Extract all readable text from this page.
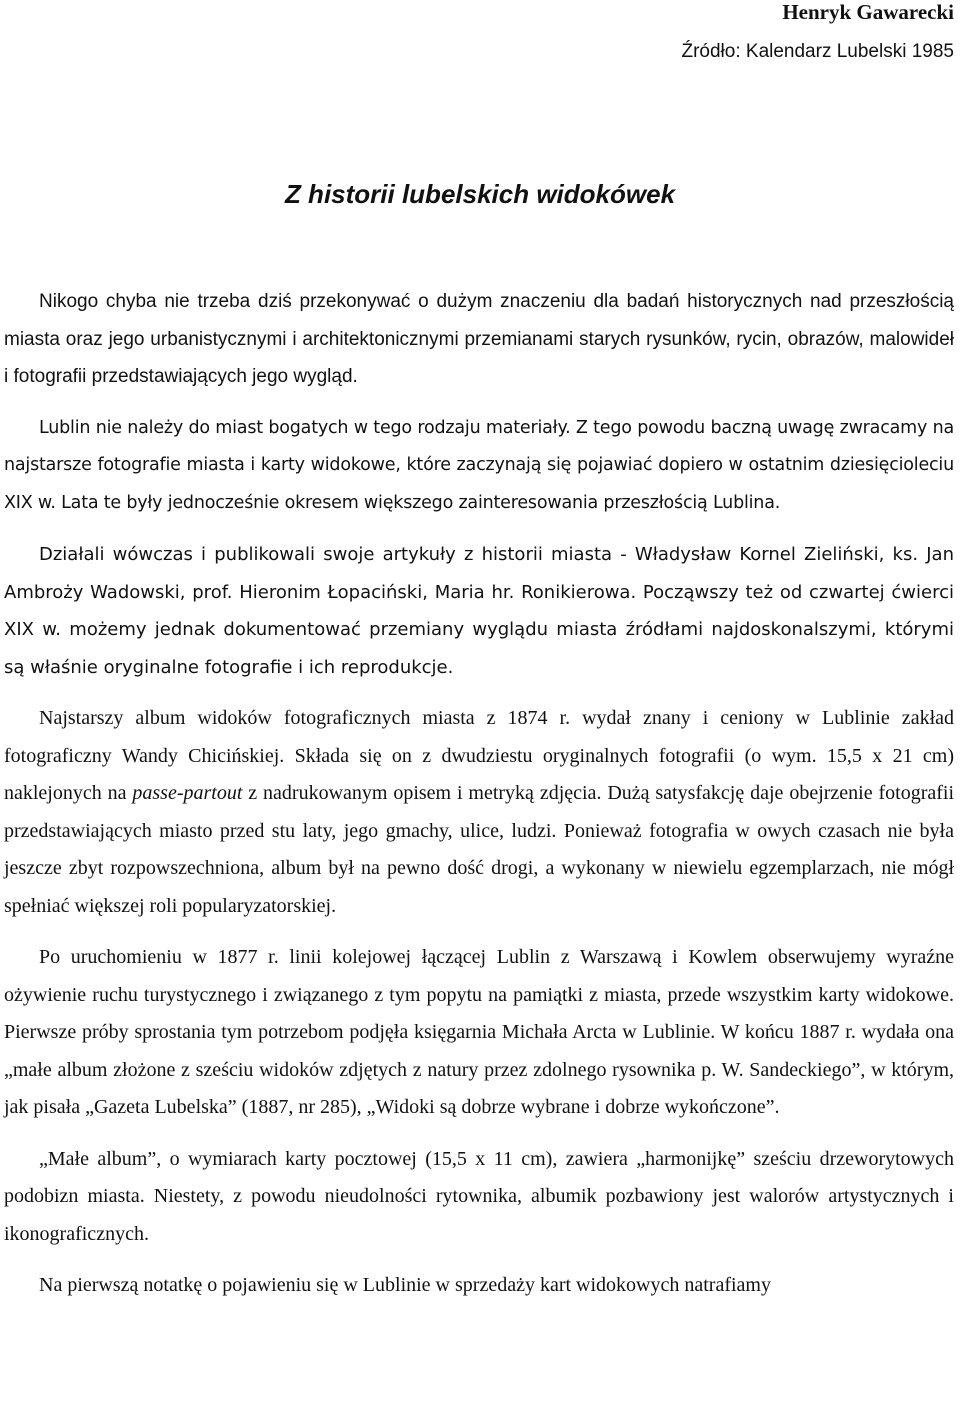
Henryk Gawarecki

Źródło: Kalendarz Lubelski 1985

Z historii lubelskich widokówek

Nikogo chyba nie trzeba dziś przekonywać o dużym znaczeniu dla badań historycznych nad przeszłością miasta oraz jego urbanistycznymi i architektonicznymi przemianami starych rysunków, rycin, obrazów, malowideł i fotografii przedstawiających jego wygląd.

Lublin nie należy do miast bogatych w tego rodzaju materiały. Z tego powodu baczną uwagę zwracamy na najstarsze fotografie miasta i karty widokowe, które zaczynają się pojawiać dopiero w ostatnim dziesięcioleciu XIX w. Lata te były jednocześnie okresem większego zainteresowania przeszłością Lublina.

Działali wówczas i publikowali swoje artykuły z historii miasta - Władysław Kornel Zieliński, ks. Jan Ambroży Wadowski, prof. Hieronim Łopaciński, Maria hr. Ronikierowa. Począwszy też od czwartej ćwierci XIX w. możemy jednak dokumentować przemiany wyglądu miasta źródłami najdoskonalszymi, którymi są właśnie oryginalne fotografie i ich reprodukcje.

Najstarszy album widoków fotograficznych miasta z 1874 r. wydał znany i ceniony w Lublinie zakład fotograficzny Wandy Chicińskiej. Składa się on z dwudziestu oryginalnych fotografii (o wym. 15,5 x 21 cm) naklejonych na passe-partout z nadrukowanym opisem i metryką zdjęcia. Dużą satysfakcję daje obejrzenie fotografii przedstawiających miasto przed stu laty, jego gmachy, ulice, ludzi. Ponieważ fotografia w owych czasach nie była jeszcze zbyt rozpowszechniona, album był na pewno dość drogi, a wykonany w niewielu egzemplarzach, nie mógł spełniać większej roli popularyzatorskiej.

Po uruchomieniu w 1877 r. linii kolejowej łączącej Lublin z Warszawą i Kowlem obserwujemy wyraźne ożywienie ruchu turystycznego i związanego z tym popytu na pamiątki z miasta, przede wszystkim karty widokowe. Pierwsze próby sprostania tym potrzebom podjęła księgarnia Michała Arcta w Lublinie. W końcu 1887 r. wydała ona „małe album złożone z sześciu widoków zdjętych z natury przez zdolnego rysownika p. W. Sandeckiego”, w którym, jak pisała „Gazeta Lubelska” (1887, nr 285), „Widoki są dobrze wybrane i dobrze wykończone”.

„Małe album”, o wymiarach karty pocztowej (15,5 x 11 cm), zawiera „harmonijkę” sześciu drzeworytowych podobizn miasta. Niestety, z powodu nieudolności rytownika, albumik pozbawiony jest walorów artystycznych i ikonograficznych.

Na pierwszą notatkę o pojawieniu się w Lublinie w sprzedaży kart widokowych natrafiamy
